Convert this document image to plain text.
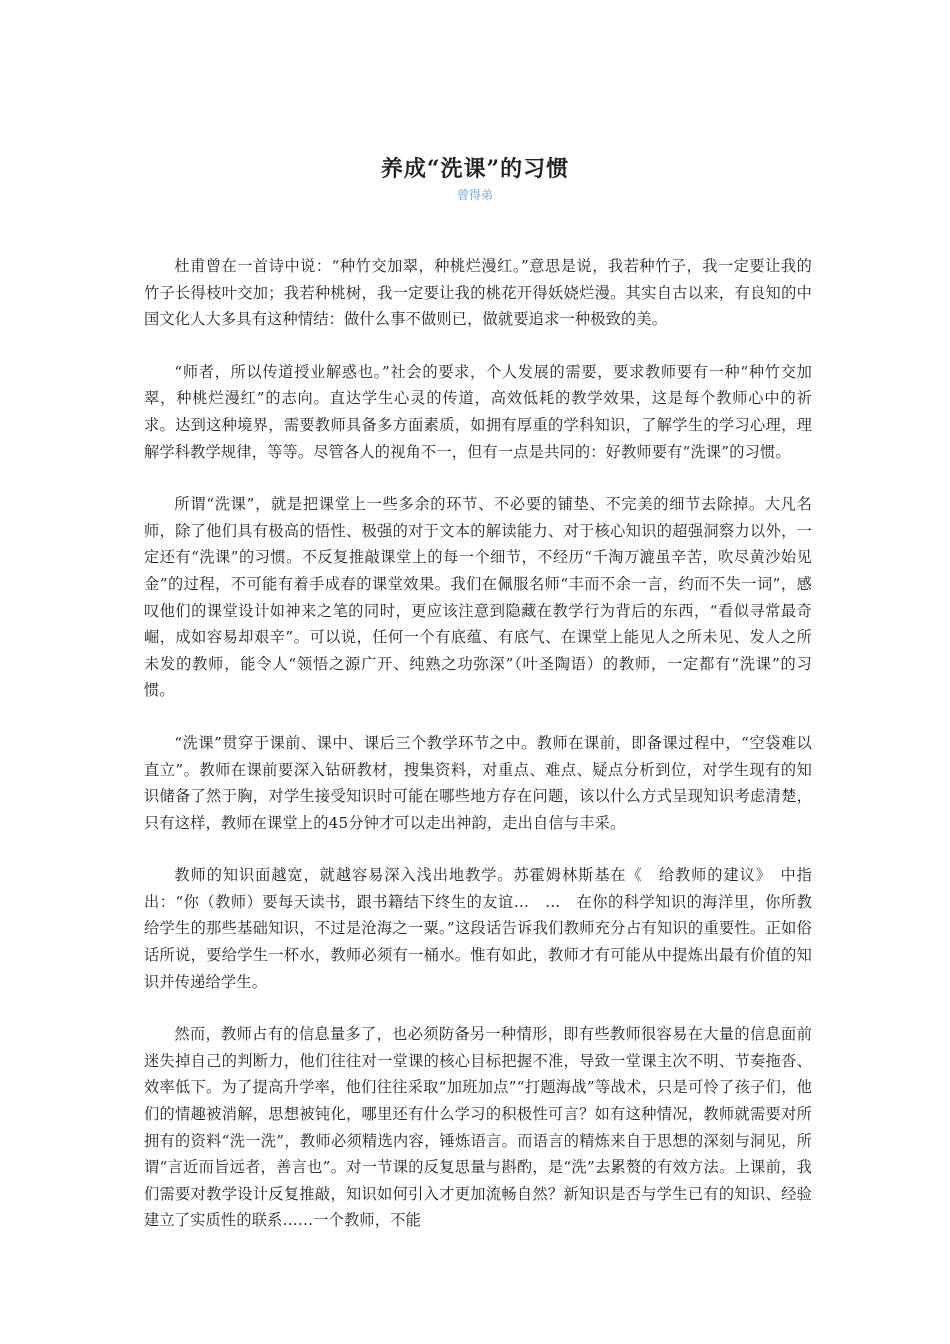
养成“洗课”的习惯
曾得弟

杜甫曾在一首诗中说：“种竹交加翠，种桃烂漫红。”意思是说，我若种竹子，我一定要让我的竹子长得枝叶交加；我若种桃树，我一定要让我的桃花开得妖娆烂漫。其实自古以来，有良知的中国文化人大多具有这种情结：做什么事不做则已，做就要追求一种极致的美。

“师者，所以传道授业解惑也。”社会的要求，个人发展的需要，要求教师要有一种“种竹交加翠，种桃烂漫红”的志向。直达学生心灵的传道，高效低耗的教学效果，这是每个教师心中的祈求。达到这种境界，需要教师具备多方面素质，如拥有厚重的学科知识，了解学生的学习心理，理解学科教学规律，等等。尽管各人的视角不一，但有一点是共同的：好教师要有“洗课”的习惯。

所谓“洗课”，就是把课堂上一些多余的环节、不必要的铺垫、不完美的细节去除掉。大凡名师，除了他们具有极高的悟性、极强的对于文本的解读能力、对于核心知识的超强洞察力以外，一定还有“洗课”的习惯。不反复推敲课堂上的每一个细节，不经历“千淘万漉虽辛苦，吹尽黄沙始见金”的过程，不可能有着手成春的课堂效果。我们在佩服名师“丰而不余一言，约而不失一词”，感叹他们的课堂设计如神来之笔的同时，更应该注意到隐藏在教学行为背后的东西，“看似寻常最奇崛，成如容易却艰辛”。可以说，任何一个有底蕴、有底气、在课堂上能见人之所未见、发人之所未发的教师，能令人“领悟之源广开、纯熟之功弥深”（叶圣陶语）的教师，一定都有“洗课”的习惯。

“洗课”贯穿于课前、课中、课后三个教学环节之中。教师在课前，即备课过程中，“空袋难以直立”。教师在课前要深入钻研教材，搜集资料，对重点、难点、疑点分析到位，对学生现有的知识储备了然于胸，对学生接受知识时可能在哪些地方存在问题，该以什么方式呈现知识考虑清楚，只有这样，教师在课堂上的45分钟才可以走出神韵，走出自信与丰采。

教师的知识面越宽，就越容易深入浅出地教学。苏霍姆林斯基在《　给教师的建议》　中指出：“你（教师）要每天读书，跟书籍结下终生的友谊…　…　在你的科学知识的海洋里，你所教给学生的那些基础知识，不过是沧海之一粟。”这段话告诉我们教师充分占有知识的重要性。正如俗话所说，要给学生一杯水，教师必须有一桶水。惟有如此，教师才有可能从中提炼出最有价值的知识并传递给学生。

然而，教师占有的信息量多了，也必须防备另一种情形，即有些教师很容易在大量的信息面前迷失掉自己的判断力，他们往往对一堂课的核心目标把握不准，导致一堂课主次不明、节奏拖沓、效率低下。为了提高升学率，他们往往采取“加班加点”“打题海战”等战术，只是可怜了孩子们，他们的情趣被消解，思想被钝化，哪里还有什么学习的积极性可言？如有这种情况，教师就需要对所拥有的资料“洗一洗”，教师必须精选内容，锤炼语言。而语言的精炼来自于思想的深刻与洞见，所谓“言近而旨远者，善言也”。对一节课的反复思量与斟酌，是“洗”去累赘的有效方法。上课前，我们需要对教学设计反复推敲，知识如何引入才更加流畅自然？新知识是否与学生已有的知识、经验建立了实质性的联系……一个教师，不能
